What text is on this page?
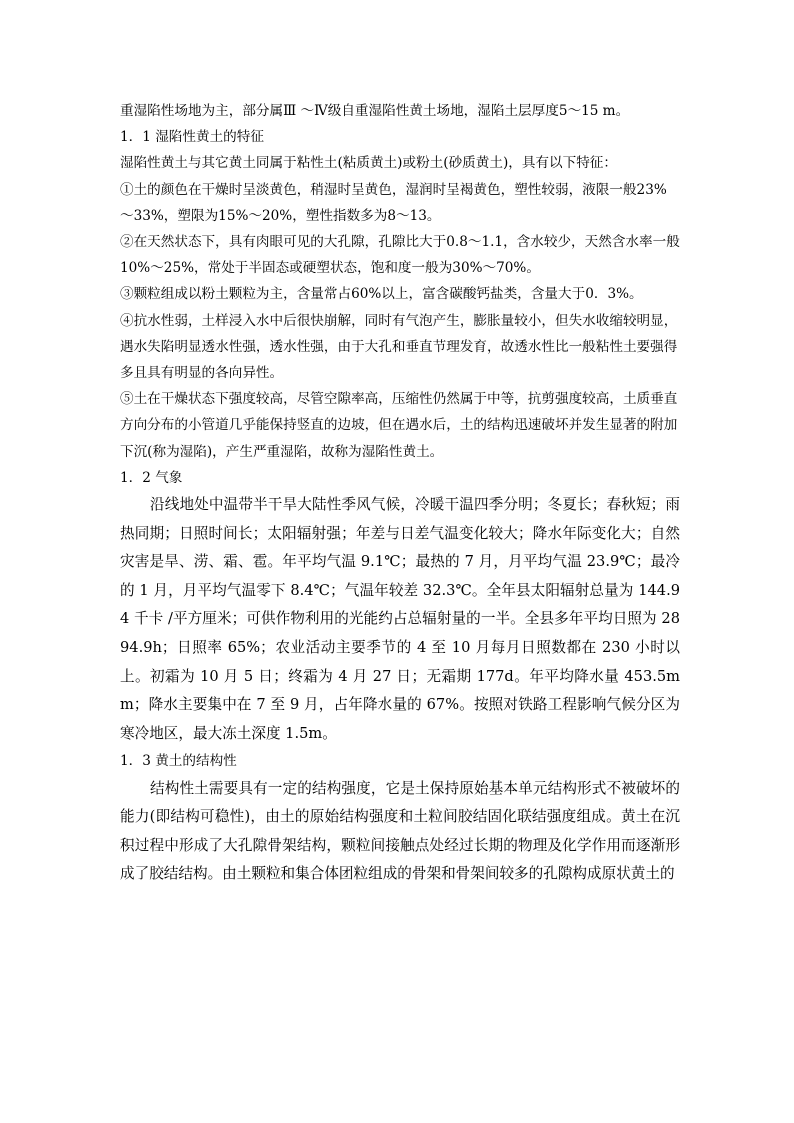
重湿陷性场地为主，部分属Ⅲ ～Ⅳ级自重湿陷性黄土场地，湿陷土层厚度5～15 m。

1．1 湿陷性黄土的特征

湿陷性黄土与其它黄土同属于粘性土(粘质黄土)或粉土(砂质黄土)，具有以下特征：

①土的颜色在干燥时呈淡黄色，稍湿时呈黄色，湿润时呈褐黄色，塑性较弱，液限一般23%～33%，塑限为15%～20%，塑性指数多为8～13。

②在天然状态下，具有肉眼可见的大孔隙，孔隙比大于0.8～1.1，含水较少，天然含水率一般10%～25%，常处于半固态或硬塑状态，饱和度一般为30%～70%。

③颗粒组成以粉土颗粒为主，含量常占60%以上，富含碳酸钙盐类，含量大于0．3%。

④抗水性弱，土样浸入水中后很快崩解，同时有气泡产生，膨胀量较小，但失水收缩较明显，遇水失陷明显透水性强，透水性强，由于大孔和垂直节理发育，故透水性比一般粘性土要强得多且具有明显的各向异性。

⑤土在干燥状态下强度较高，尽管空隙率高，压缩性仍然属于中等，抗剪强度较高，土质垂直方向分布的小管道几乎能保持竖直的边坡，但在遇水后，土的结构迅速破坏并发生显著的附加下沉(称为湿陷)，产生严重湿陷，故称为湿陷性黄土。

1．2 气象

沿线地处中温带半干旱大陆性季风气候，冷暖干温四季分明；冬夏长；春秋短；雨热同期；日照时间长；太阳辐射强；年差与日差气温变化较大；降水年际变化大；自然灾害是旱、涝、霜、雹。年平均气温 9.1℃；最热的 7 月，月平均气温 23.9℃；最冷的 1 月，月平均气温零下 8.4℃；气温年较差 32.3℃。全年县太阳辐射总量为 144.94 千卡 /平方厘米；可供作物利用的光能约占总辐射量的一半。全县多年平均日照为 2894.9h；日照率 65%；农业活动主要季节的 4 至 10 月每月日照数都在 230 小时以上。初霜为 10 月 5 日；终霜为 4 月 27 日；无霜期 177d。年平均降水量 453.5mm；降水主要集中在 7 至 9 月，占年降水量的 67%。按照对铁路工程影响气候分区为寒冷地区，最大冻土深度 1.5m。

1．3 黄土的结构性

结构性土需要具有一定的结构强度，它是土保持原始基本单元结构形式不被破坏的能力(即结构可稳性)，由土的原始结构强度和土粒间胶结固化联结强度组成。黄土在沉积过程中形成了大孔隙骨架结构，颗粒间接触点处经过长期的物理及化学作用而逐渐形成了胶结结构。由土颗粒和集合体团粒组成的骨架和骨架间较多的孔隙构成原状黄土的
